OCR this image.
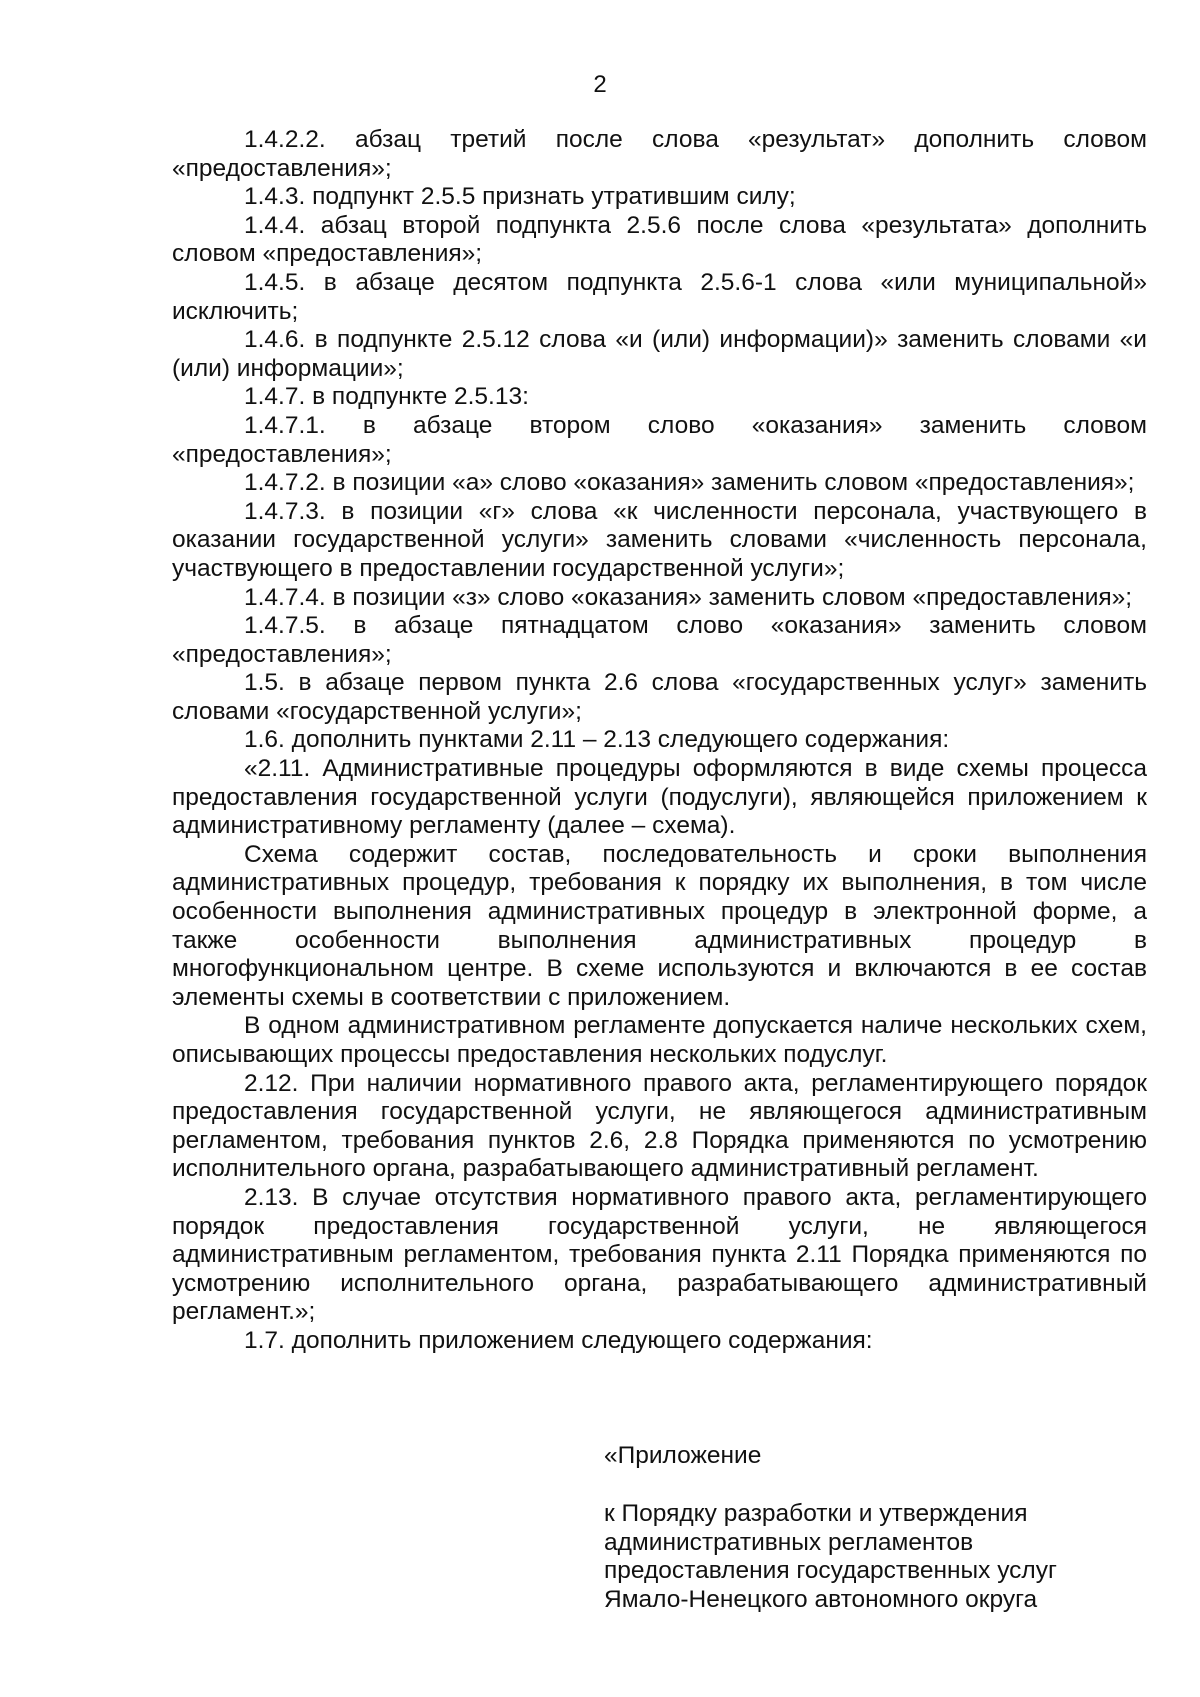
2

1.4.2.2. абзац третий после слова «результат» дополнить словом «предоставления»;

1.4.3. подпункт 2.5.5 признать утратившим силу;

1.4.4. абзац второй подпункта 2.5.6 после слова «результата» дополнить словом «предоставления»;

1.4.5. в абзаце десятом подпункта 2.5.6-1 слова «или муниципальной» исключить;

1.4.6. в подпункте 2.5.12 слова «и (или) информации)» заменить словами «и (или) информации»;

1.4.7. в подпункте 2.5.13:

1.4.7.1. в абзаце втором слово «оказания» заменить словом «предоставления»;

1.4.7.2. в позиции «а» слово «оказания» заменить словом «предоставления»;

1.4.7.3. в позиции «г» слова «к численности персонала, участвующего в оказании государственной услуги» заменить словами «численность персонала, участвующего в предоставлении государственной услуги»;

1.4.7.4. в позиции «з» слово «оказания» заменить словом «предоставления»;

1.4.7.5. в абзаце пятнадцатом слово «оказания» заменить словом «предоставления»;

1.5. в абзаце первом пункта 2.6 слова «государственных услуг» заменить словами «государственной услуги»;

1.6. дополнить пунктами 2.11 – 2.13 следующего содержания:

«2.11. Административные процедуры оформляются в виде схемы процесса предоставления государственной услуги (подуслуги), являющейся приложением к административному регламенту (далее – схема).

Схема содержит состав, последовательность и сроки выполнения административных процедур, требования к порядку их выполнения, в том числе особенности выполнения административных процедур в электронной форме, а также особенности выполнения административных процедур в многофункциональном центре. В схеме используются и включаются в ее состав элементы схемы в соответствии с приложением.

В одном административном регламенте допускается наличе нескольких схем, описывающих процессы предоставления нескольких подуслуг.

2.12. При наличии нормативного правого акта, регламентирующего порядок предоставления государственной услуги, не являющегося административным регламентом, требования пунктов 2.6, 2.8 Порядка применяются по усмотрению исполнительного органа, разрабатывающего административный регламент.

2.13. В случае отсутствия нормативного правого акта, регламентирующего порядок предоставления государственной услуги, не являющегося административным регламентом, требования пункта 2.11 Порядка применяются по усмотрению исполнительного органа, разрабатывающего административный регламент.»;

1.7. дополнить приложением следующего содержания:

«Приложение

к Порядку разработки и утверждения

административных регламентов

предоставления государственных услуг

Ямало-Ненецкого автономного округа
